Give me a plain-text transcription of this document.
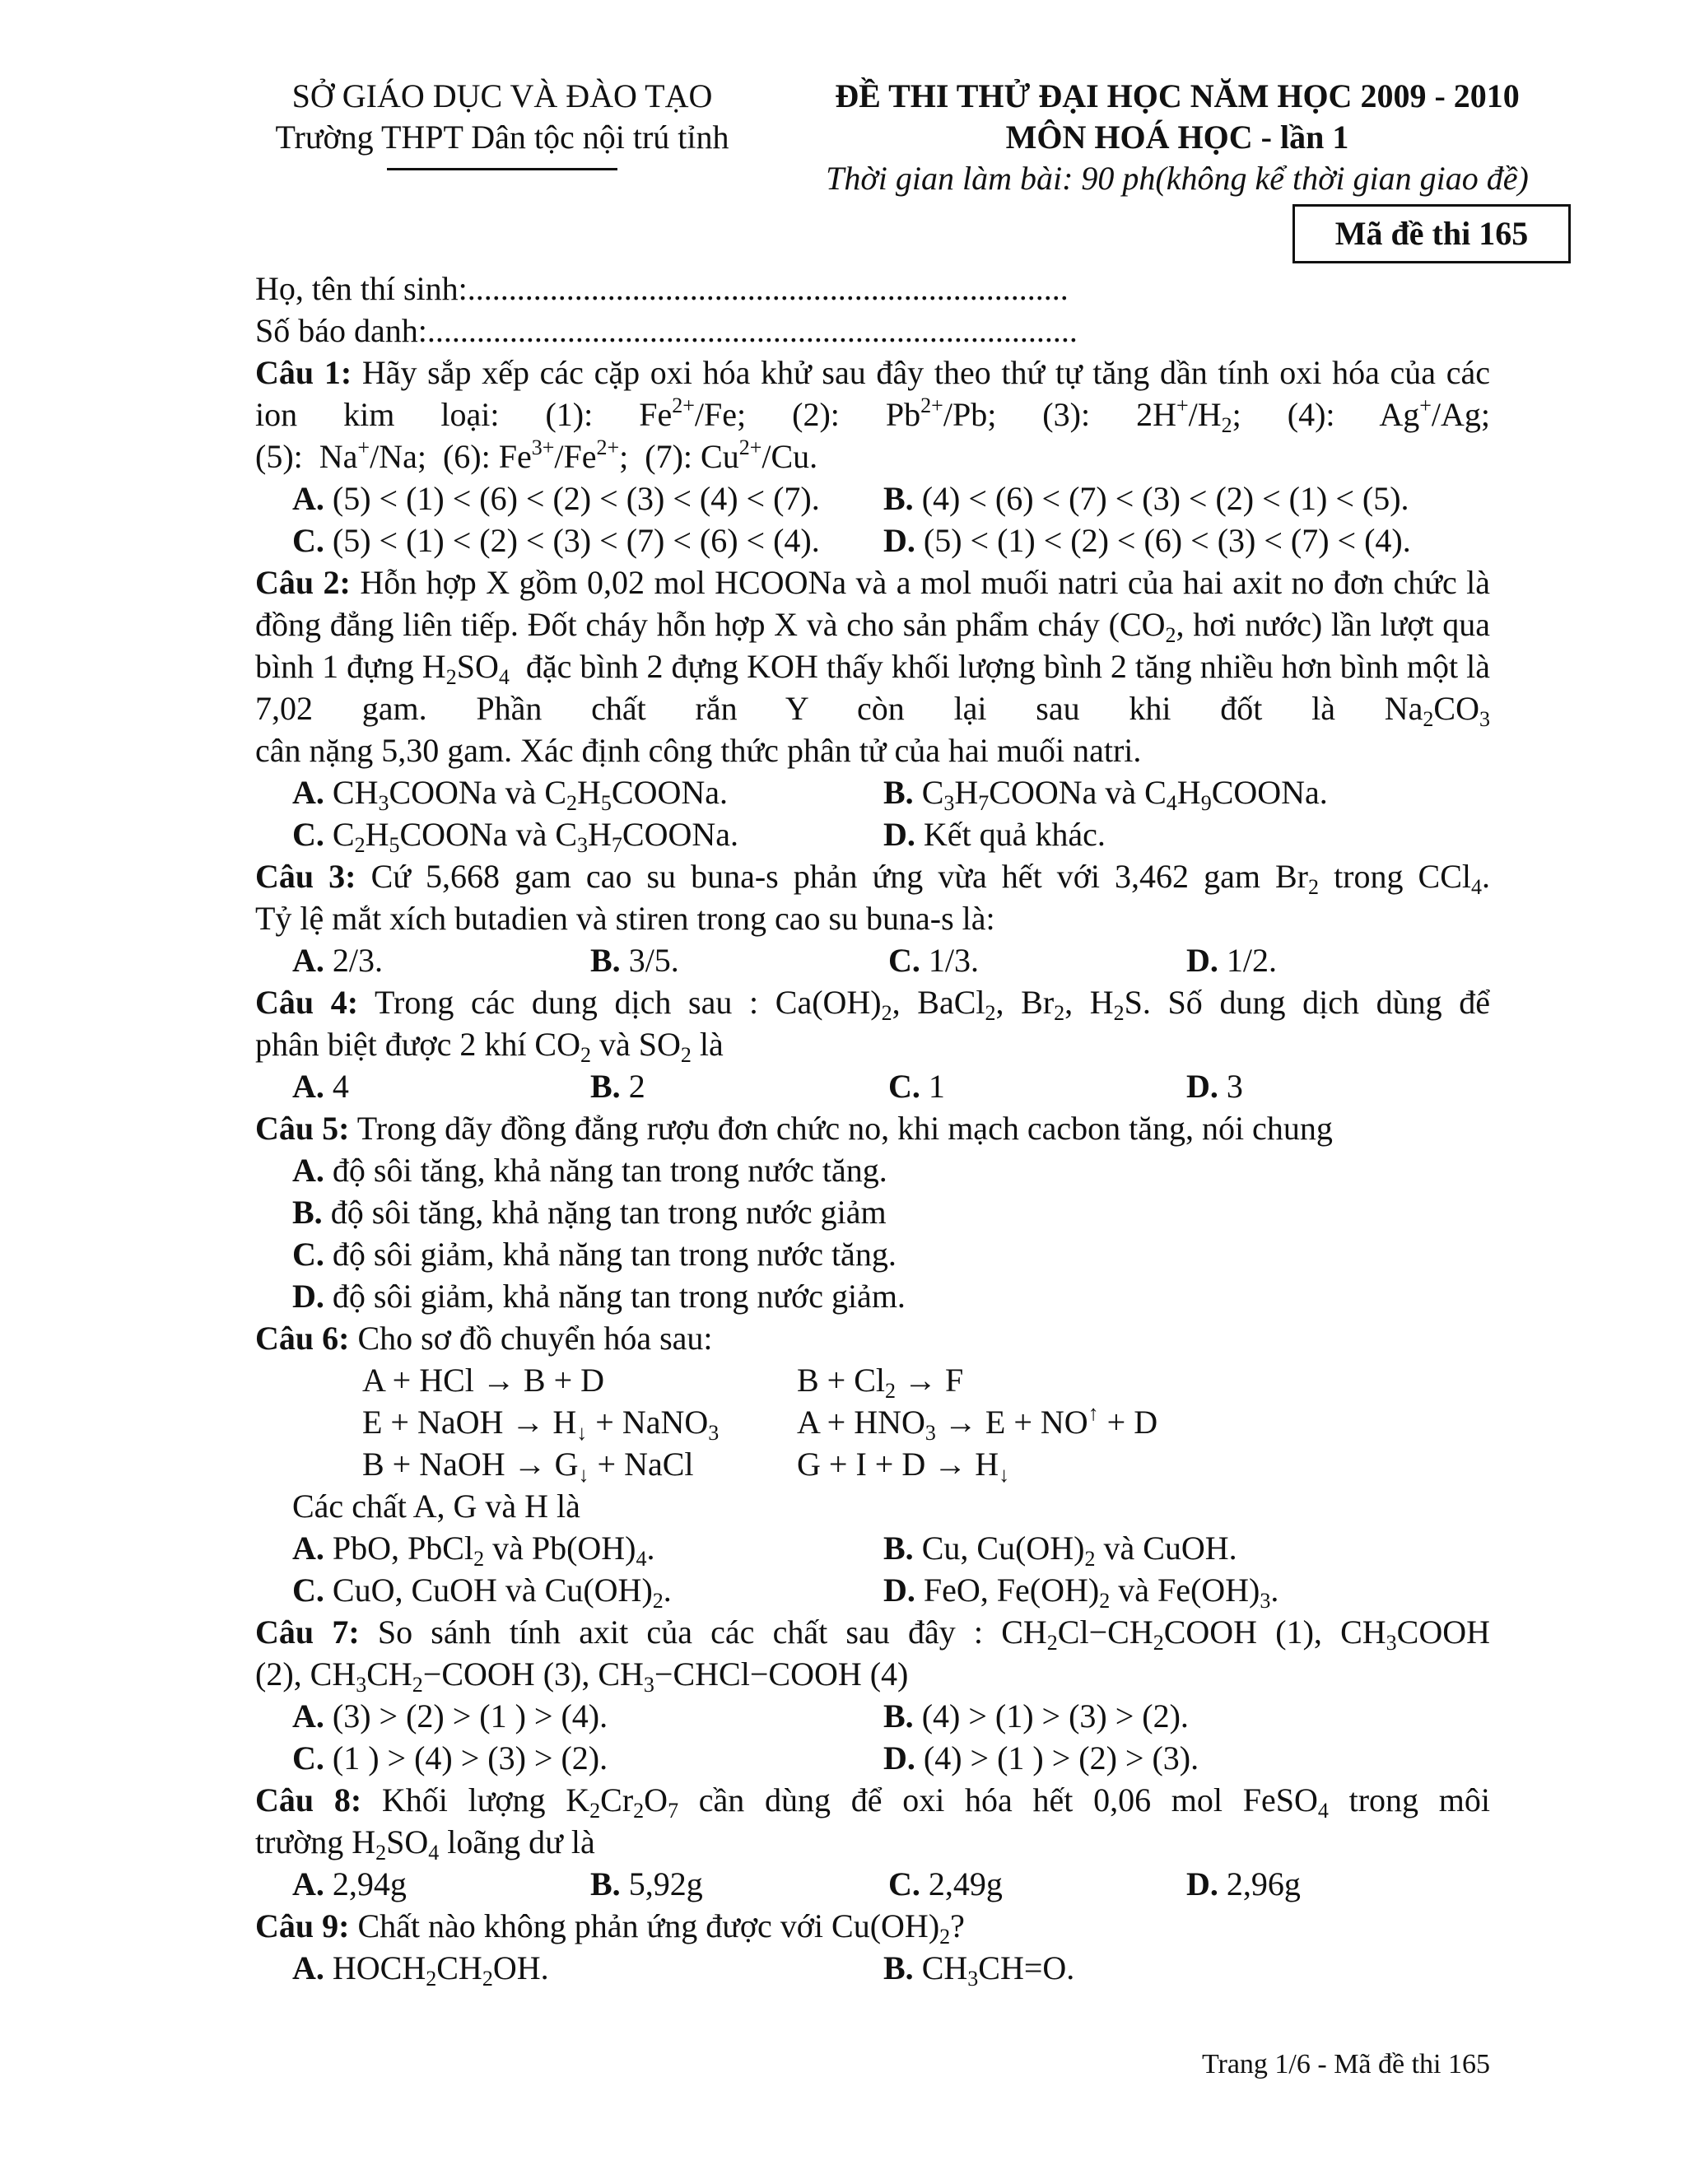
SỞ GIÁO DỤC VÀ ĐÀO TẠO
Trường THPT Dân tộc nội trú tỉnh
ĐỀ THI THỬ ĐẠI HỌC NĂM HỌC 2009 - 2010
MÔN HOÁ HỌC - lần 1
Thời gian làm bài: 90 ph(không kể thời gian giao đề)
Mã đề thi 165
Họ, tên thí sinh:.........................................................................
Số báo danh:...............................................................................
Câu 1: Hãy sắp xếp các cặp oxi hóa khử sau đây theo thứ tự tăng dần tính oxi hóa của các ion kim loại: (1): $Fe^{2+}/Fe$; (2): $Pb^{2+}/Pb$; (3): $2H^+/H_2$; (4): Ag+/Ag;
(5):  Na+/Na;  (6): $Fe^{3+}/Fe^{2+}$;  (7): $Cu^{2+}/Cu$.
A. (5) < (1) < (6) < (2) < (3) < (4) < (7).	B. (4) < (6) < (7) < (3) < (2) < (1) < (5).
C. (5) < (1) < (2) < (3) < (7) < (6) < (4).	D. (5) < (1) < (2) < (6) < (3) < (7) < (4).
Câu 2: Hỗn hợp X gồm 0,02 mol HCOONa và a mol muối natri của hai axit no đơn chức là đồng đẳng liên tiếp. Đốt cháy hỗn hợp X và cho sản phẩm cháy ($CO_2$, hơi nước) lần lượt qua bình 1 đựng $H_2SO_4$  đặc bình 2 đựng KOH thấy khối lượng bình 2 tăng nhiều hơn bình một là 7,02 gam. Phần chất rắn Y còn lại sau khi đốt là $Na_2CO_3$
cân nặng 5,30 gam. Xác định công thức phân tử của hai muối natri.
A. $CH_3COONa$ và $C_2H_5COONa$.	B. $C_3H_7COONa$ và $C_4H_9COONa$.
C. $C_2H_5COONa$ và $C_3H_7COONa$.	D. Kết quả khác.
Câu 3: Cứ 5,668 gam cao su buna-s phản ứng vừa hết với 3,462 gam $Br_2$ trong CCl$_4$.
Tỷ lệ mắt xích butadien và stiren trong cao su buna-s là:
A. 2/3.	B. 3/5.	C. 1/3.	D. 1/2.
Câu 4: Trong các dung dịch sau : $Ca(OH)_2$, BaCl$_2$, $Br_2$, $H_2S$. Số dung dịch dùng để
phân biệt được 2 khí $CO_2$ và $SO_2$ là
A. 4	B. 2	C. 1	D. 3
Câu 5: Trong dãy đồng đẳng rượu đơn chức no, khi mạch cacbon tăng, nói chung
A. độ sôi tăng, khả năng tan trong nước tăng.
B. độ sôi tăng, khả nặng tan trong nước giảm
C. độ sôi giảm, khả năng tan trong nước tăng.
D. độ sôi giảm, khả năng tan trong nước giảm.
Câu 6: Cho sơ đồ chuyển hóa sau:
A + HCl → B + D	$B + Cl_2 \to F$
E + NaOH → $H_↓$ + NaNO$_3$	$A + HNO_3 \to E + NO^↑ + D$
B + NaOH → $G_↓$ + NaCl	$G + I + D \to H_↓$
Các chất A, G và H là
A. PbO, PbCl$_2$ và $Pb(OH)_4$.	B. Cu, $Cu(OH)_2$ và CuOH.
C. CuO, CuOH và $Cu(OH)_2$.	D. FeO, $Fe(OH)_2$ và $Fe(OH)_3$.
Câu 7: So sánh tính axit của các chất sau đây : $CH_2Cl-CH_2COOH$ (1), $CH_3COOH$
(2), $CH_3CH_2-COOH$ (3), $CH_3-CHCl-COOH$ (4)
A. (3) > (2) > (1 ) > (4).	B. (4) > (1) > (3) > (2).
C. (1 ) > (4) > (3) > (2).	D. (4) > (1 ) > (2) > (3).
Câu 8: Khối lượng $K_2Cr_2O_7$ cần dùng để oxi hóa hết 0,06 mol FeSO$_4$ trong môi
trường $H_2SO_4$ loãng dư là
A. 2,94g	B. 5,92g	C. 2,49g	D. 2,96g
Câu 9: Chất nào không phản ứng được với $Cu(OH)_2$?
A. $HOCH_2CH_2OH$.	B. $CH_3CH=O$.
Trang 1/6 - Mã đề thi 165
